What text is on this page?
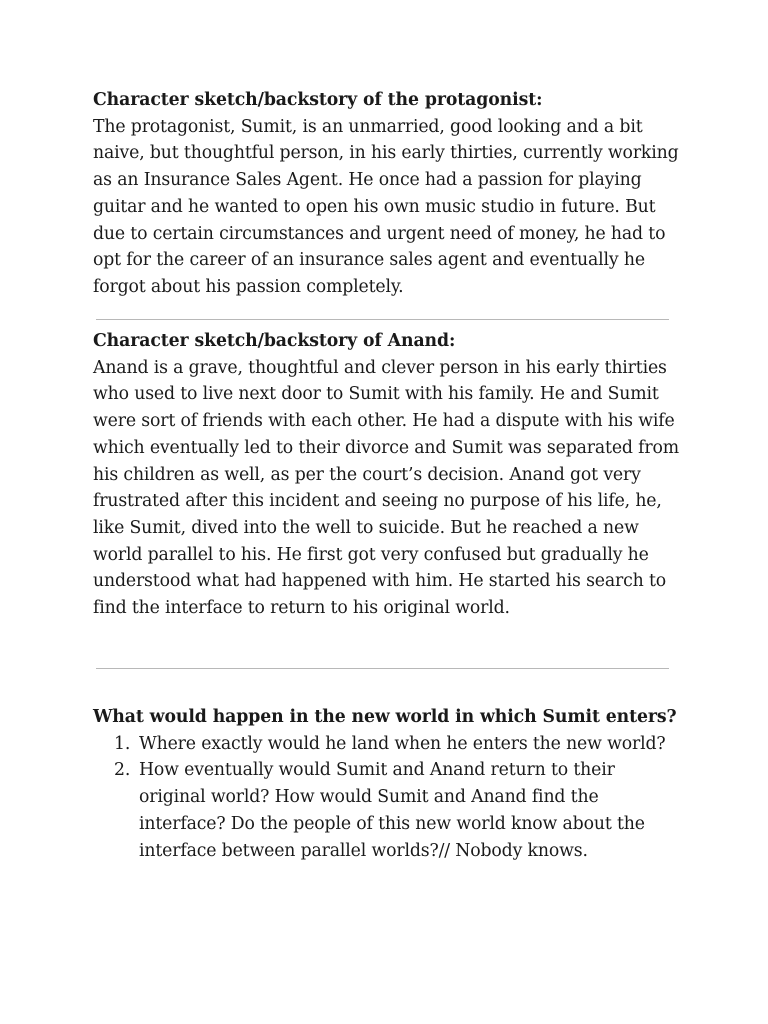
Character sketch/backstory of the protagonist:

The protagonist, Sumit, is an unmarried, good looking and a bit naive, but thoughtful person, in his early thirties, currently working as an Insurance Sales Agent. He once had a passion for playing guitar and he wanted to open his own music studio in future. But due to certain circumstances and urgent need of money, he had to opt for the career of an insurance sales agent and eventually he forgot about his passion completely.

Character sketch/backstory of Anand:

Anand is a grave, thoughtful and clever person in his early thirties who used to live next door to Sumit with his family. He and Sumit were sort of friends with each other. He had a dispute with his wife which eventually led to their divorce and Sumit was separated from his children as well, as per the court’s decision. Anand got very frustrated after this incident and seeing no purpose of his life, he, like Sumit, dived into the well to suicide. But he reached a new world parallel to his. He first got very confused but gradually he understood what had happened with him. He started his search to find the interface to return to his original world.

What would happen in the new world in which Sumit enters?
1. Where exactly would he land when he enters the new world?
2. How eventually would Sumit and Anand return to their original world? How would Sumit and Anand find the interface? Do the people of this new world know about the interface between parallel worlds?// Nobody knows.
